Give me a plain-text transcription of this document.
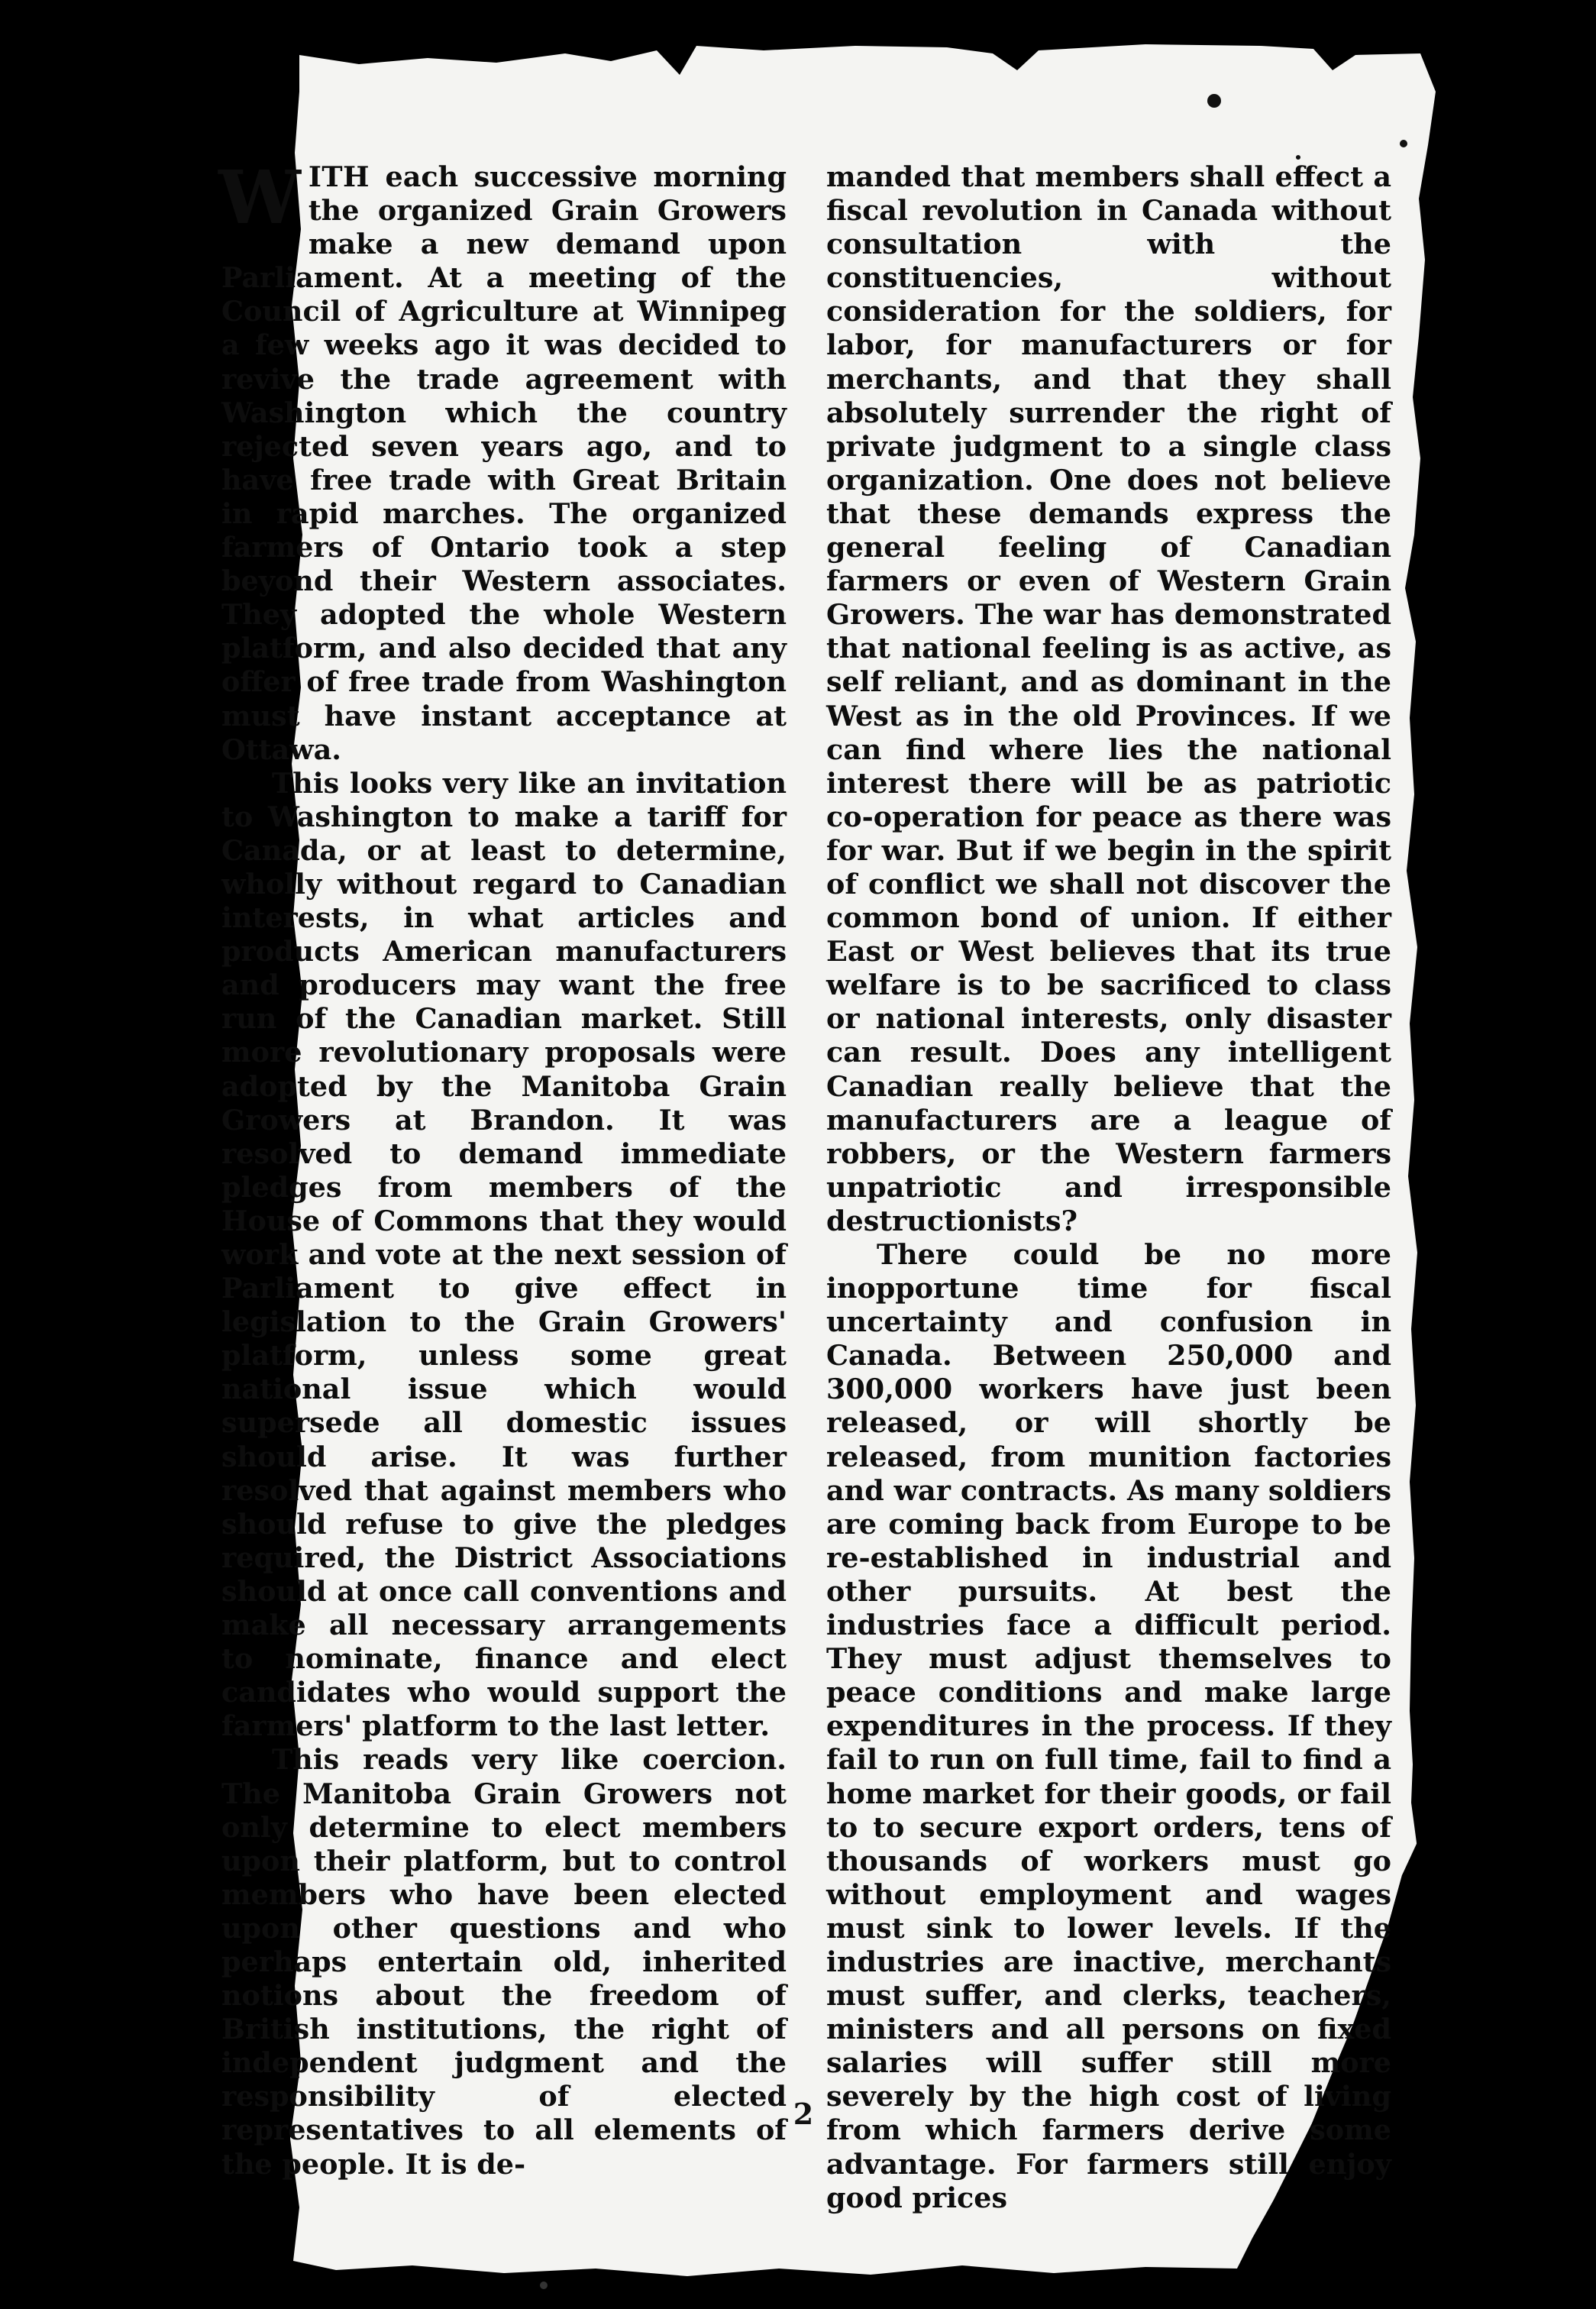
WITH each successive morning the organized Grain Growers make a new demand upon Parliament. At a meeting of the Council of Agriculture at Winnipeg a few weeks ago it was decided to revive the trade agreement with Washington which the country rejected seven years ago, and to have free trade with Great Britain in rapid marches. The organized farmers of Ontario took a step beyond their Western associates. They adopted the whole Western platform, and also decided that any offer of free trade from Washington must have instant acceptance at Ottawa.

This looks very like an invitation to Washington to make a tariff for Canada, or at least to determine, wholly without regard to Canadian interests, in what articles and products American manufacturers and producers may want the free run of the Canadian market. Still more revolutionary proposals were adopted by the Manitoba Grain Growers at Brandon. It was resolved to demand immediate pledges from members of the House of Commons that they would work and vote at the next session of Parliament to give effect in legislation to the Grain Growers' platform, unless some great national issue which would supersede all domestic issues should arise. It was further resolved that against members who should refuse to give the pledges required, the District Associations should at once call conventions and make all necessary arrangements to nominate, finance and elect candidates who would support the farmers' platform to the last letter.

This reads very like coercion. The Manitoba Grain Growers not only determine to elect members upon their platform, but to control members who have been elected upon other questions and who perhaps entertain old, inherited notions about the freedom of British institutions, the right of independent judgment and the responsibility of elected representatives to all elements of the people. It is de-

manded that members shall effect a fiscal revolution in Canada without consultation with the constituencies, without consideration for the soldiers, for labor, for manufacturers or for merchants, and that they shall absolutely surrender the right of private judgment to a single class organization. One does not believe that these demands express the general feeling of Canadian farmers or even of Western Grain Growers. The war has demonstrated that national feeling is as active, as self reliant, and as dominant in the West as in the old Provinces. If we can find where lies the national interest there will be as patriotic co-operation for peace as there was for war. But if we begin in the spirit of conflict we shall not discover the common bond of union. If either East or West believes that its true welfare is to be sacrificed to class or national interests, only disaster can result. Does any intelligent Canadian really believe that the manufacturers are a league of robbers, or the Western farmers unpatriotic and irresponsible destructionists?

There could be no more inopportune time for fiscal uncertainty and confusion in Canada. Between 250,000 and 300,000 workers have just been released, or will shortly be released, from munition factories and war contracts. As many soldiers are coming back from Europe to be re-established in industrial and other pursuits. At best the industries face a difficult period. They must adjust themselves to peace conditions and make large expenditures in the process. If they fail to run on full time, fail to find a home market for their goods, or fail to to secure export orders, tens of thousands of workers must go without employment and wages must sink to lower levels. If the industries are inactive, merchants must suffer, and clerks, teachers, ministers and all persons on fixed salaries will suffer still more severely by the high cost of living from which farmers derive some advantage. For farmers still enjoy good prices

2
